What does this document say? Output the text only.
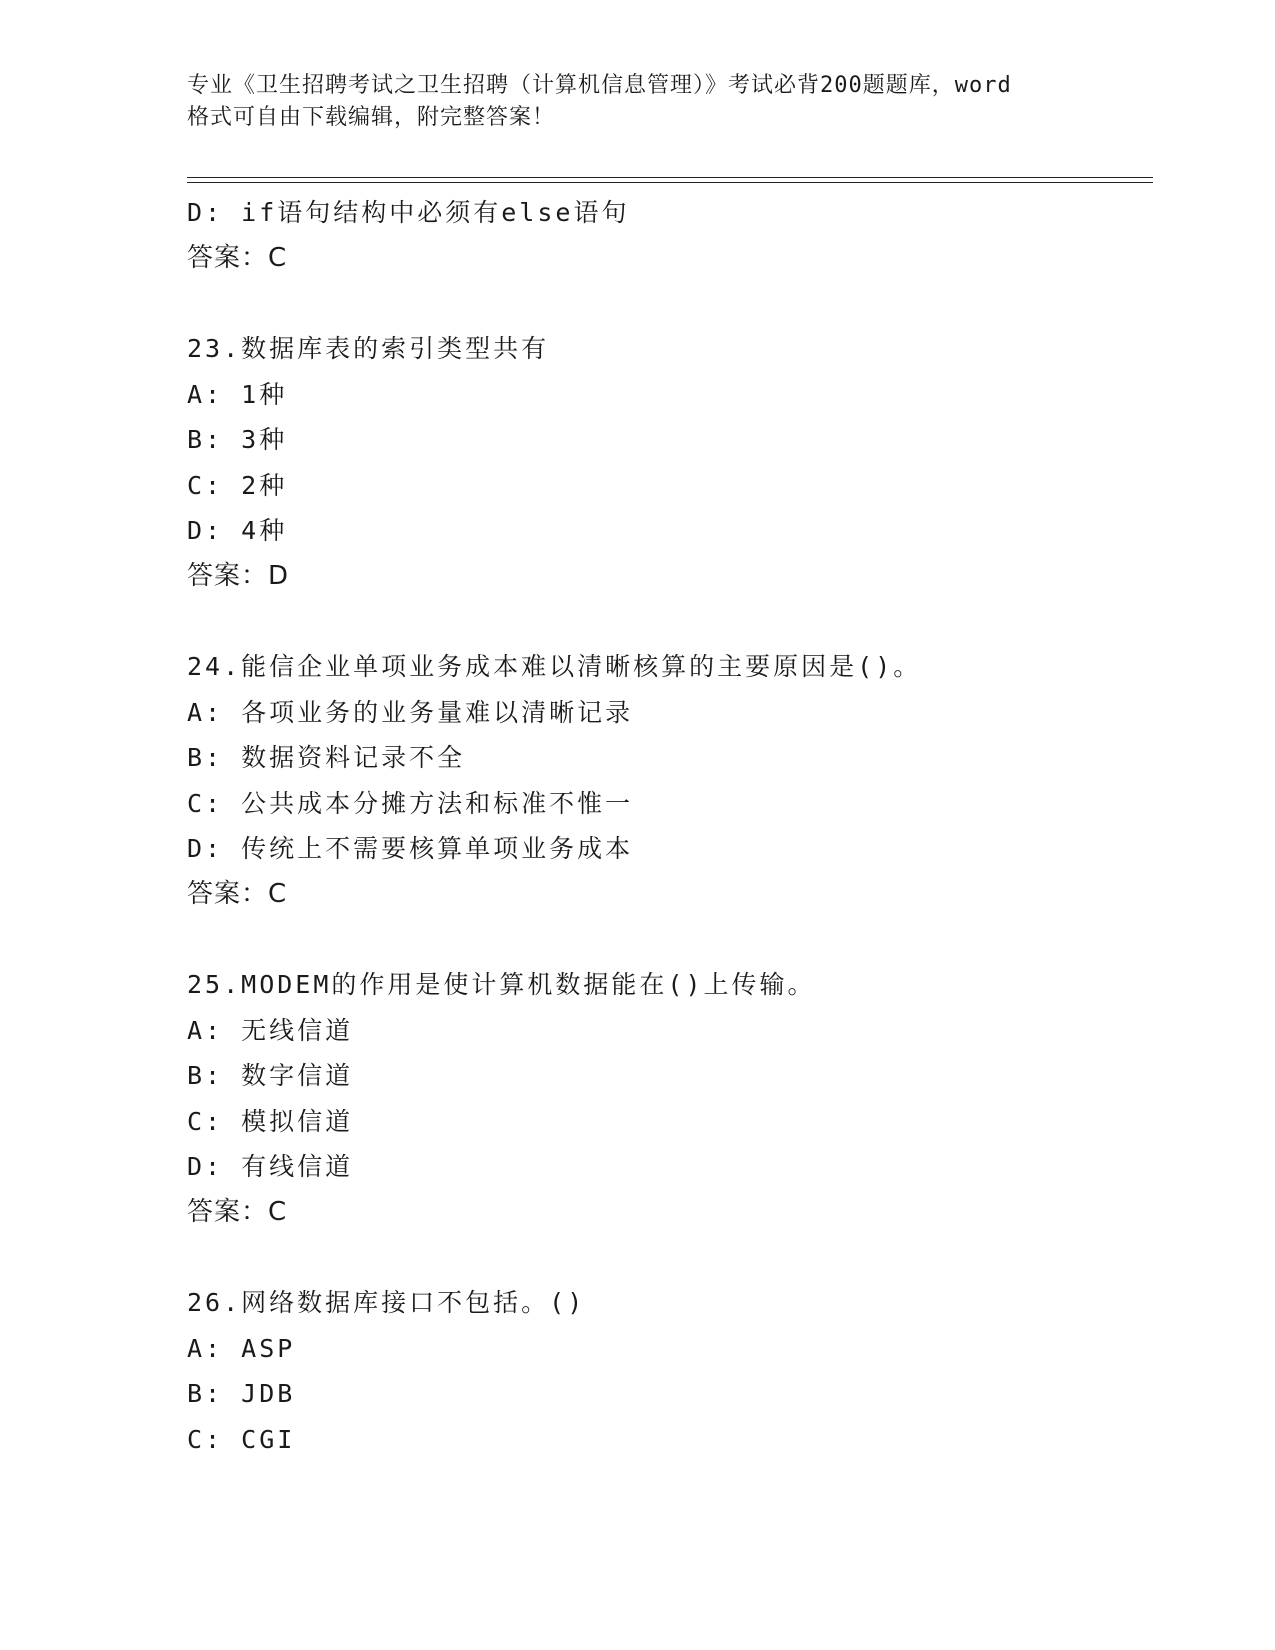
专业《卫生招聘考试之卫生招聘（计算机信息管理）》考试必背200题题库，word
格式可自由下载编辑，附完整答案！
D: if语句结构中必须有else语句
答案：C
23.数据库表的索引类型共有
A: 1种
B: 3种
C: 2种
D: 4种
答案：D
24.能信企业单项业务成本难以清晰核算的主要原因是()。
A: 各项业务的业务量难以清晰记录
B: 数据资料记录不全
C: 公共成本分摊方法和标准不惟一
D: 传统上不需要核算单项业务成本
答案：C
25.MODEM的作用是使计算机数据能在()上传输。
A: 无线信道
B: 数字信道
C: 模拟信道
D: 有线信道
答案：C
26.网络数据库接口不包括。()
A: ASP
B: JDB
C: CGI
